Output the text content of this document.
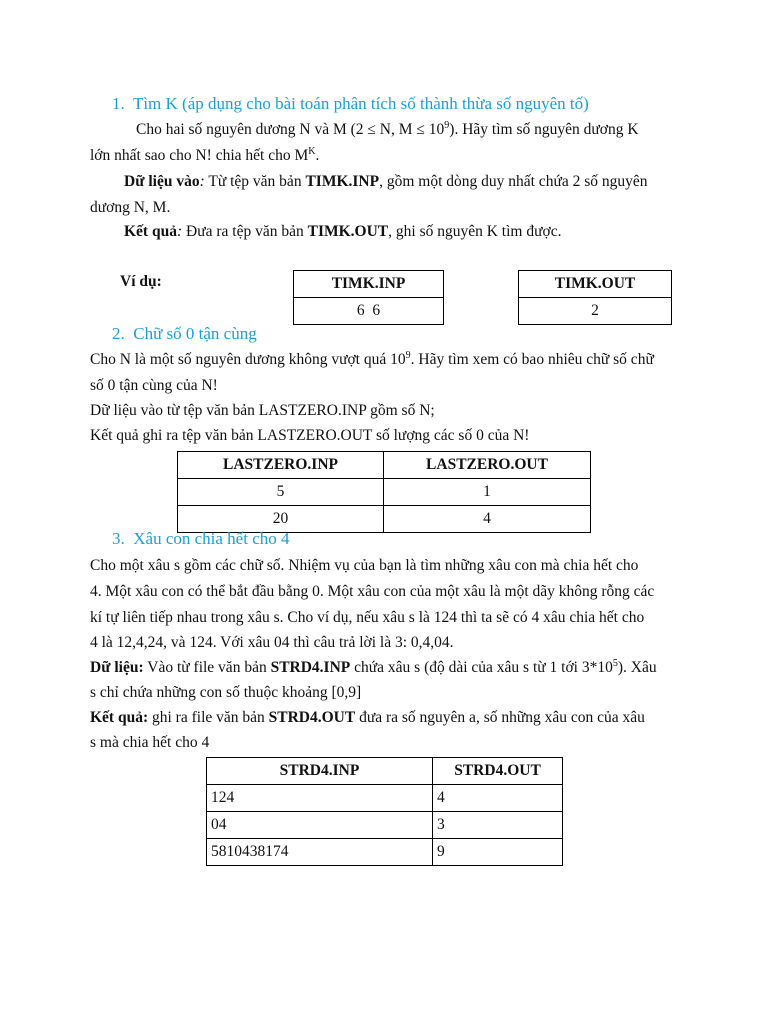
1. Tìm K (áp dụng cho bài toán phân tích số thành thừa số nguyên tố)
Cho hai số nguyên dương N và M (2 ≤ N, $M \le 10^9$). Hãy tìm số nguyên dương K
lớn nhất sao cho N! chia hết cho $M^K$.
Dữ liệu vào: Từ tệp văn bản TIMK.INP, gồm một dòng duy nhất chứa 2 số nguyên
dương N, M.
Kết quả: Đưa ra tệp văn bản TIMK.OUT, ghi số nguyên K tìm được.
Ví dụ:	TIMK.INP
6  6
TIMK.OUT
2
2. Chữ số 0 tận cùng
Cho N là một số nguyên dương không vượt quá $10^9$. Hãy tìm xem có bao nhiêu chữ số chữ
số 0 tận cùng của N!
Dữ liệu vào từ tệp văn bản LASTZERO.INP gồm số N;
Kết quả ghi ra tệp văn bản LASTZERO.OUT số lượng các số 0 của N!
LASTZERO.INP	LASTZERO.OUT
5	1
20	4
3. Xâu con chia hết cho 4
Cho một xâu s gồm các chữ số. Nhiệm vụ của bạn là tìm những xâu con mà chia hết cho
4. Một xâu con có thể bắt đầu bằng 0. Một xâu con của một xâu là một dãy không rỗng các
kí tự liên tiếp nhau trong xâu s. Cho ví dụ, nếu xâu s là 124 thì ta sẽ có 4 xâu chia hết cho
4 là 12,4,24, và 124. Với xâu 04 thì câu trả lời là 3: 0,4,04.
Dữ liệu: Vào từ file văn bản STRD4.INP chứa xâu s (độ dài của xâu s từ 1 tới $3*10^5$). Xâu
s chỉ chứa những con số thuộc khoảng [0,9]
Kết quả: ghi ra file văn bản STRD4.OUT đưa ra số nguyên a, số những xâu con của xâu
s mà chia hết cho 4
STRD4.INP	STRD4.OUT
124	4
04	3
5810438174	9
